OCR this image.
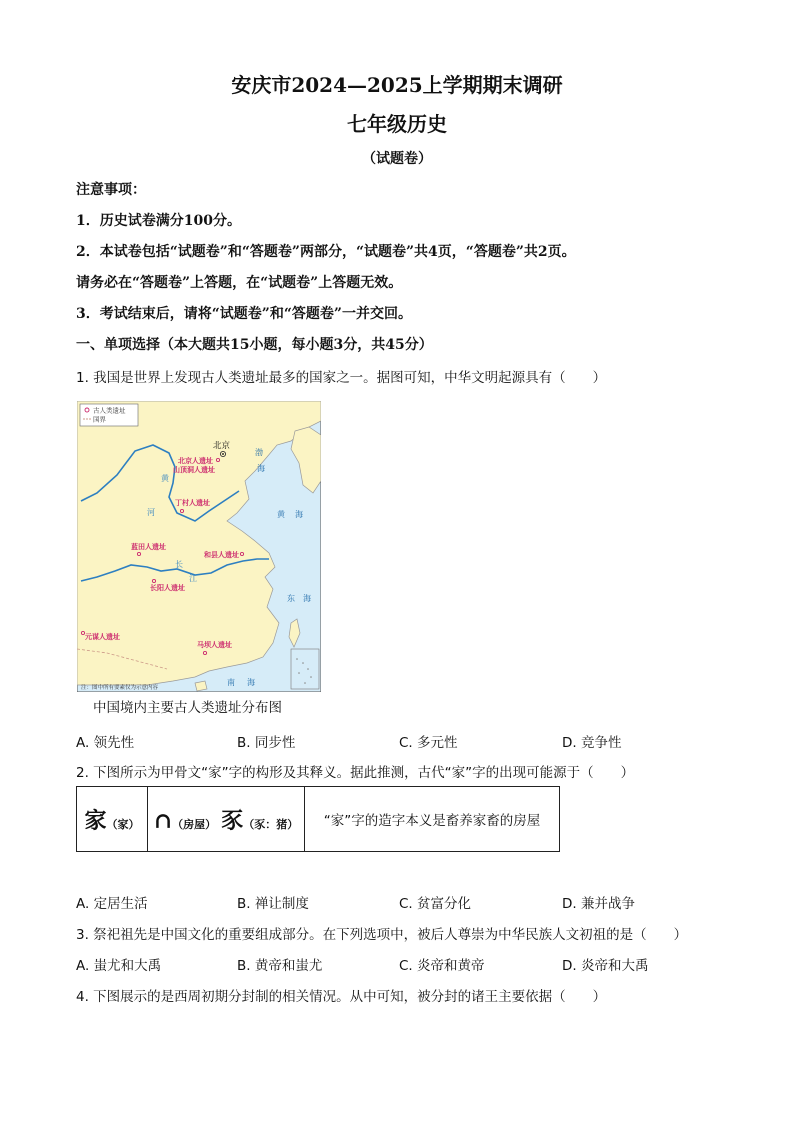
安庆市2024—2025上学期期末调研
七年级历史
（试题卷）
注意事项：
1．历史试卷满分100分。
2．本试卷包括“试题卷”和“答题卷”两部分，“试题卷”共4页，“答题卷”共2页。
请务必在“答题卷”上答题，在“试题卷”上答题无效。
3．考试结束后，请将“试题卷”和“答题卷”一并交回。
一、单项选择（本大题共15小题，每小题3分，共45分）
1. 我国是世界上发现古人类遗址最多的国家之一。据图可知，中华文明起源具有（　　）
古人类遗址
国界
北京
北京人遗址
山顶洞人遗址
丁村人遗址
蓝田人遗址
和县人遗址
长阳人遗址
元谋人遗址
马坝人遗址
黄
河
长
江
渤
海
黄 海
东 海
南 海
注：图中所有要素仅为示意内容
中国境内主要古人类遗址分布图
A. 领先性	B. 同步性	C. 多元性	D. 竞争性
2. 下图所示为甲骨文“家”字的构形及其释义。据此推测，古代“家”字的出现可能源于（　　）
家（家）	∩（房屋） 豕（豕：猪）	“家”字的造字本义是畜养家畜的房屋
A. 定居生活	B. 禅让制度	C. 贫富分化	D. 兼并战争
3. 祭祀祖先是中国文化的重要组成部分。在下列选项中，被后人尊崇为中华民族人文初祖的是（　　）
A. 蚩尤和大禹	B. 黄帝和蚩尤	C. 炎帝和黄帝	D. 炎帝和大禹
4. 下图展示的是西周初期分封制的相关情况。从中可知，被分封的诸王主要依据（　　）
